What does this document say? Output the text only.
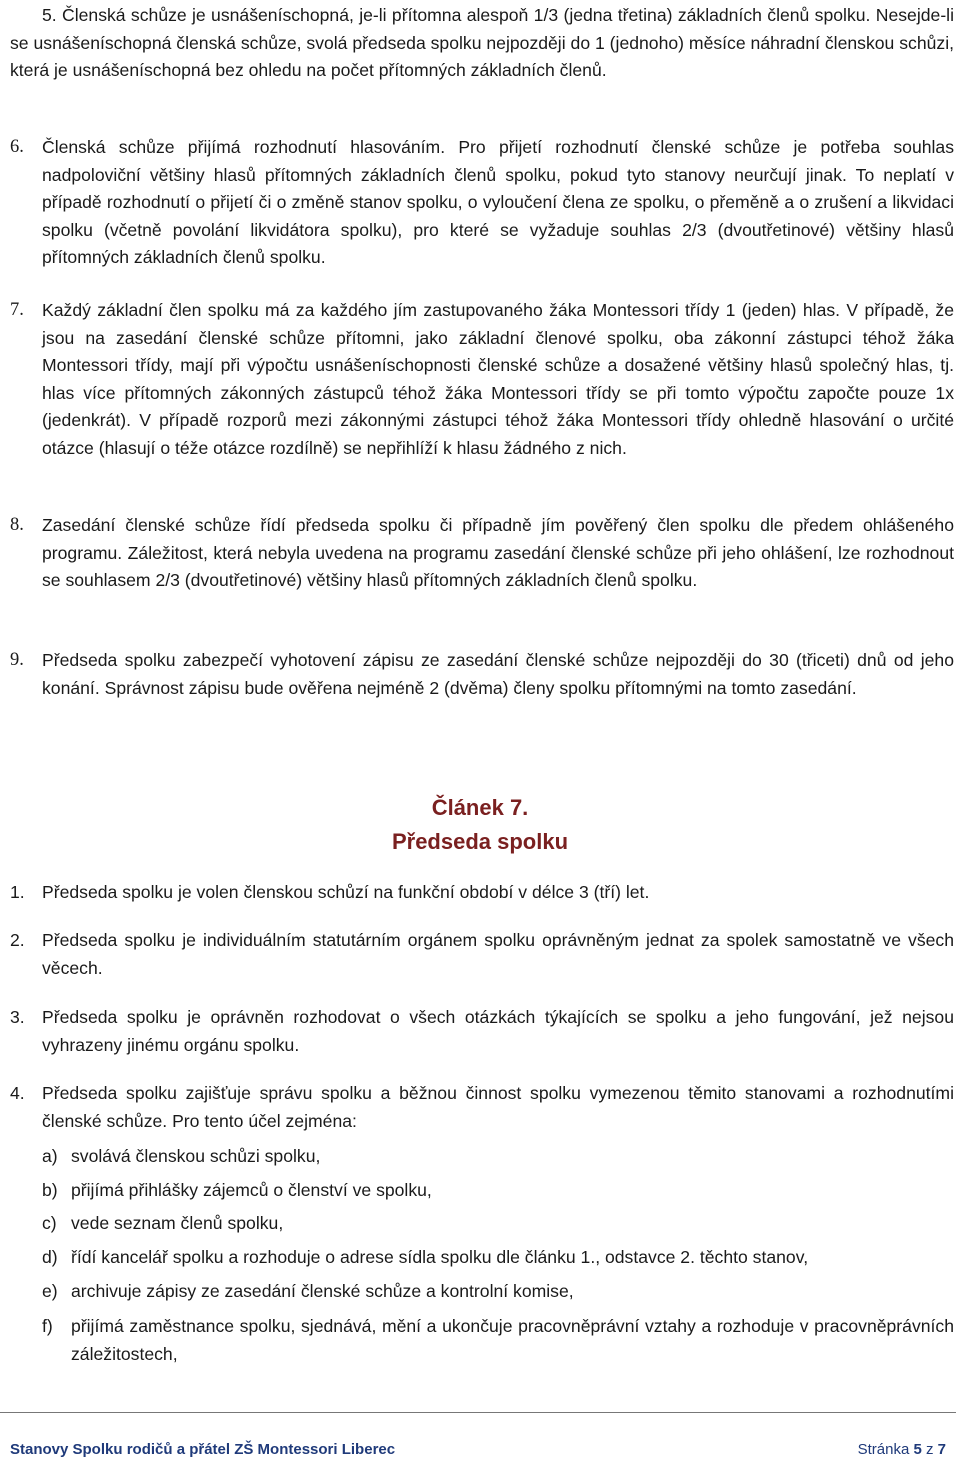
5. Členská schůze je usnášeníschopná, je-li přítomna alespoň 1/3 (jedna třetina) základních členů spolku. Nesejde-li se usnášeníschopná členská schůze, svolá předseda spolku nejpozději do 1 (jednoho) měsíce náhradní členskou schůzi, která je usnášeníschopná bez ohledu na počet přítomných základních členů.
6.	Členská schůze přijímá rozhodnutí hlasováním. Pro přijetí rozhodnutí členské schůze je potřeba souhlas nadpoloviční většiny hlasů přítomných základních členů spolku, pokud tyto stanovy neurčují jinak. To neplatí v případě rozhodnutí o přijetí či o změně stanov spolku, o vyloučení člena ze spolku, o přeměně a o zrušení a likvidaci spolku (včetně povolání likvidátora spolku), pro které se vyžaduje souhlas 2/3 (dvoutřetinové) většiny hlasů přítomných základních členů spolku.
7.	Každý základní člen spolku má za každého jím zastupovaného žáka Montessori třídy 1 (jeden) hlas. V případě, že jsou na zasedání členské schůze přítomni, jako základní členové spolku, oba zákonní zástupci téhož žáka Montessori třídy, mají při výpočtu usnášeníschopnosti členské schůze a dosažené většiny hlasů společný hlas, tj. hlas více přítomných zákonných zástupců téhož žáka Montessori třídy se při tomto výpočtu započte pouze 1x (jedenkrát). V případě rozporů mezi zákonnými zástupci téhož žáka Montessori třídy ohledně hlasování o určité otázce (hlasují o téže otázce rozdílně) se nepřihlíží k hlasu žádného z nich.
8.	Zasedání členské schůze řídí předseda spolku či případně jím pověřený člen spolku dle předem ohlášeného programu. Záležitost, která nebyla uvedena na programu zasedání členské schůze při jeho ohlášení, lze rozhodnout se souhlasem 2/3 (dvoutřetinové) většiny hlasů přítomných základních členů spolku.
9.	Předseda spolku zabezpečí vyhotovení zápisu ze zasedání členské schůze nejpozději do 30 (třiceti) dnů od jeho konání. Správnost zápisu bude ověřena nejméně 2 (dvěma) členy spolku přítomnými na tomto zasedání.
Článek 7.
Předseda spolku
1. Předseda spolku je volen členskou schůzí na funkční období v délce 3 (tří) let.
2. Předseda spolku je individuálním statutárním orgánem spolku oprávněným jednat za spolek samostatně ve všech věcech.
3. Předseda spolku je oprávněn rozhodovat o všech otázkách týkajících se spolku a jeho fungování, jež nejsou vyhrazeny jinému orgánu spolku.
4. Předseda spolku zajišťuje správu spolku a běžnou činnost spolku vymezenou těmito stanovami a rozhodnutími členské schůze. Pro tento účel zejména:
a) svolává členskou schůzi spolku,
b) přijímá přihlášky zájemců o členství ve spolku,
c) vede seznam členů spolku,
d) řídí kancelář spolku a rozhoduje o adrese sídla spolku dle článku 1., odstavce 2. těchto stanov,
e) archivuje zápisy ze zasedání členské schůze a kontrolní komise,
f)	přijímá zaměstnance spolku, sjednává, mění a ukončuje pracovněprávní vztahy a rozhoduje v pracovněprávních záležitostech,
Stanovy Spolku rodičů a přátel ZŠ Montessori Liberec	Stránka 5 z 7
